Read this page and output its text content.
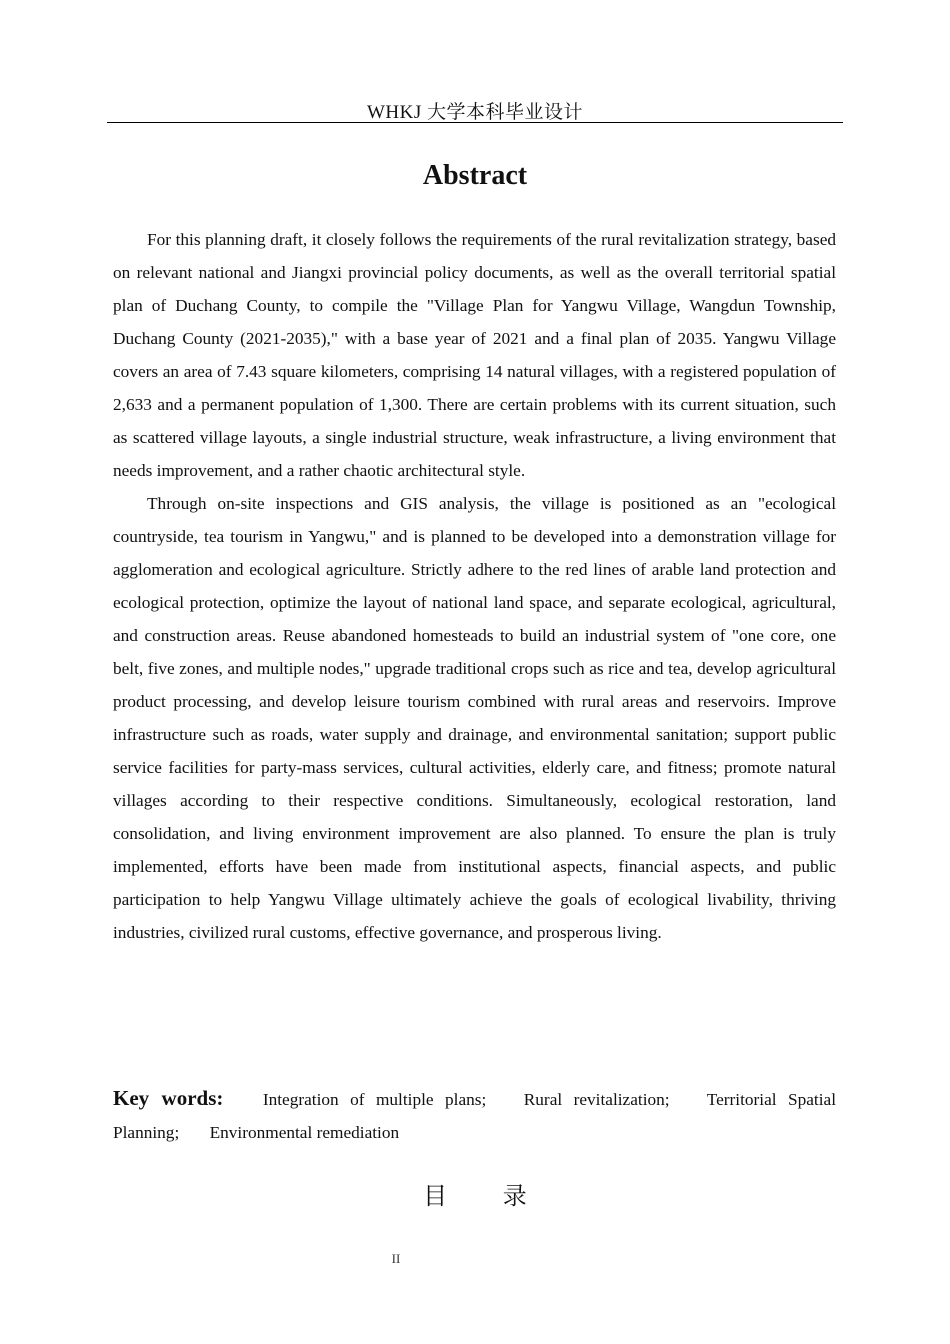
WHKJ 大学本科毕业设计
Abstract

For this planning draft, it closely follows the requirements of the rural revitalization strategy, based on relevant national and Jiangxi provincial policy documents, as well as the overall territorial spatial plan of Duchang County, to compile the "Village Plan for Yangwu Village, Wangdun Township, Duchang County (2021-2035)," with a base year of 2021 and a final plan of 2035. Yangwu Village covers an area of 7.43 square kilometers, comprising 14 natural villages, with a registered population of 2,633 and a permanent population of 1,300. There are certain problems with its current situation, such as scattered village layouts, a single industrial structure, weak infrastructure, a living environment that needs improvement, and a rather chaotic architectural style.

Through on-site inspections and GIS analysis, the village is positioned as an "ecological countryside, tea tourism in Yangwu," and is planned to be developed into a demonstration village for agglomeration and ecological agriculture. Strictly adhere to the red lines of arable land protection and ecological protection, optimize the layout of national land space, and separate ecological, agricultural, and construction areas. Reuse abandoned homesteads to build an industrial system of "one core, one belt, five zones, and multiple nodes," upgrade traditional crops such as rice and tea, develop agricultural product processing, and develop leisure tourism combined with rural areas and reservoirs. Improve infrastructure such as roads, water supply and drainage, and environmental sanitation; support public service facilities for party-mass services, cultural activities, elderly care, and fitness; promote natural villages according to their respective conditions. Simultaneously, ecological restoration, land consolidation, and living environment improvement are also planned. To ensure the plan is truly implemented, efforts have been made from institutional aspects, financial aspects, and public participation to help Yangwu Village ultimately achieve the goals of ecological livability, thriving industries, civilized rural customs, effective governance, and prosperous living.

Key words: Integration of multiple plans; Rural revitalization; Territorial Spatial Planning; Environmental remediation
目 录
II
